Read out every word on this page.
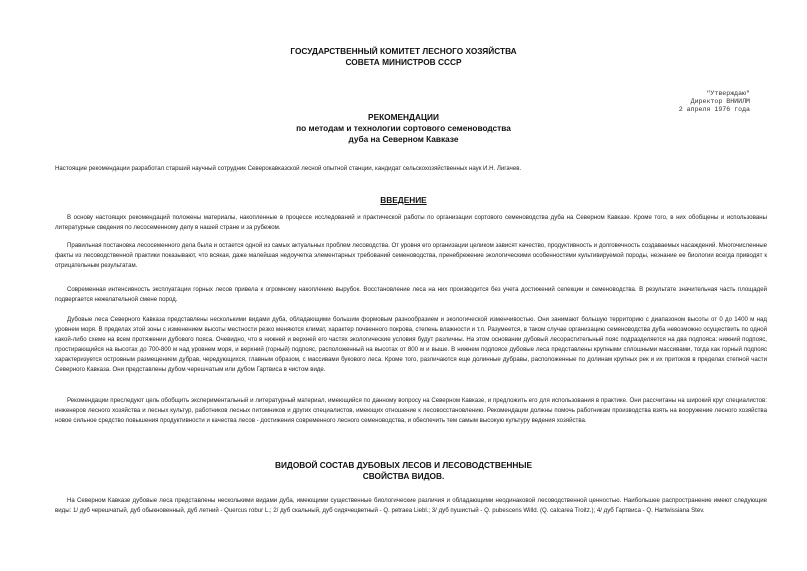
ГОСУДАРСТВЕННЫЙ КОМИТЕТ ЛЕСНОГО ХОЗЯЙСТВА
СОВЕТА МИНИСТРОВ СССР
"Утверждаю"
Директор ВНИИЛМ
2 апреля 1976 года
РЕКОМЕНДАЦИИ
по методам и технологии сортового семеноводства
дуба на Северном Кавказе
Настоящие рекомендации разработал старший научный сотрудник Северокавказской лесной опытной станции, кандидат сельскохозяйственных наук И.Н. Лигачев.
ВВЕДЕНИЕ
В основу настоящих рекомендаций положены материалы, накопленные в процессе исследований и практической работы по организации сортового семеноводства дуба на Северном Кавказе. Кроме того, в них обобщены и использованы литературные сведения по лесосеменному делу в нашей стране и за рубежом.
Правильная постановка лесосеменного дела была и остается одной из самых актуальных проблем лесоводства. От уровня его организации целиком зависят качество, продуктивность и долговечность создаваемых насаждений. Многочисленные факты из лесоводственной практики показывают, что всякая, даже малейшая недоучетка элементарных требований семеноводства, пренебрежение экологическими особенностями культивируемой породы, незнание ее биологии всегда приводят к отрицательным результатам.
Современная интенсивность эксплуатации горных лесов привела к огромному накоплению вырубок. Восстановление леса на них производится без учета достижений селекции и семеноводства. В результате значительная часть площадей подвергается нежелательной смене пород.
Дубовые леса Северного Кавказа представлены несколькими видами дуба, обладающими большим формовым разнообразием и экологической изменчивостью. Они занимают большую территорию с диапазоном высоты от 0 до 1400 м над уровнем моря. В пределах этой зоны с изменением высоты местности резко меняются климат, характер почвенного покрова, степень влажности и т.п. Разумеется, в таком случае организацию семеноводства дуба невозможно осуществить по одной какой-либо схеме на всем протяжении дубового пояса. Очевидно, что в нижней и верхней его частях экологические условия будут различны. На этом основании дубовый лесорастительный пояс подразделяется на два подпояса: нижний подпояс, простирающийся на высотах до 700-800 м над уровнем моря, и верхний (горный) подпояс, расположенный на высотах от 800 м и выше. В нижнем подпоясе дубовые леса представлены крупными сплошными массивами, тогда как горный подпояс характеризуется островным размещением дубрав, чередующихся, главным образом, с массивами букового леса. Кроме того, различаются еще долинные дубравы, расположенные по долинам крупных рек и их притоков в пределах степной части Северного Кавказа. Они представлены дубом черешчатым или дубом Гартвиса в чистом виде.
Рекомендации преследуют цель обобщить экспериментальный и литературный материал, имеющийся по данному вопросу на Северном Кавказе, и предложить его для использования в практике. Они рассчитаны на широкий круг специалистов: инженеров лесного хозяйства и лесных культур, работников лесных питомников и других специалистов, имеющих отношение к лесовосстановлению. Рекомендации должны помочь работникам производства взять на вооружение лесного хозяйства новое сильное средство повышения продуктивности и качества лесов - достижения современного лесного семеноводства, и обеспечить тем самым высокую культуру ведения хозяйства.
ВИДОВОЙ СОСТАВ ДУБОВЫХ ЛЕСОВ И ЛЕСОВОДСТВЕННЫЕ
СВОЙСТВА ВИДОВ.
На Северном Кавказе дубовые леса представлены несколькими видами дуба, имеющими существенные биологические различия и обладающими неодинаковой лесоводственной ценностью. Наибольшее распространение имеют следующие виды: 1/ дуб черешчатый, дуб обыкновенный, дуб летний - Quercus robur L.; 2/ дуб скальный, дуб сидячецветный - Q. petraea Liebl.; 3/ дуб пушистый - Q. pubescens Willd. (Q. calcarea Troitz.); 4/ дуб Гартвиса - Q. Hartwissiana Stev.
